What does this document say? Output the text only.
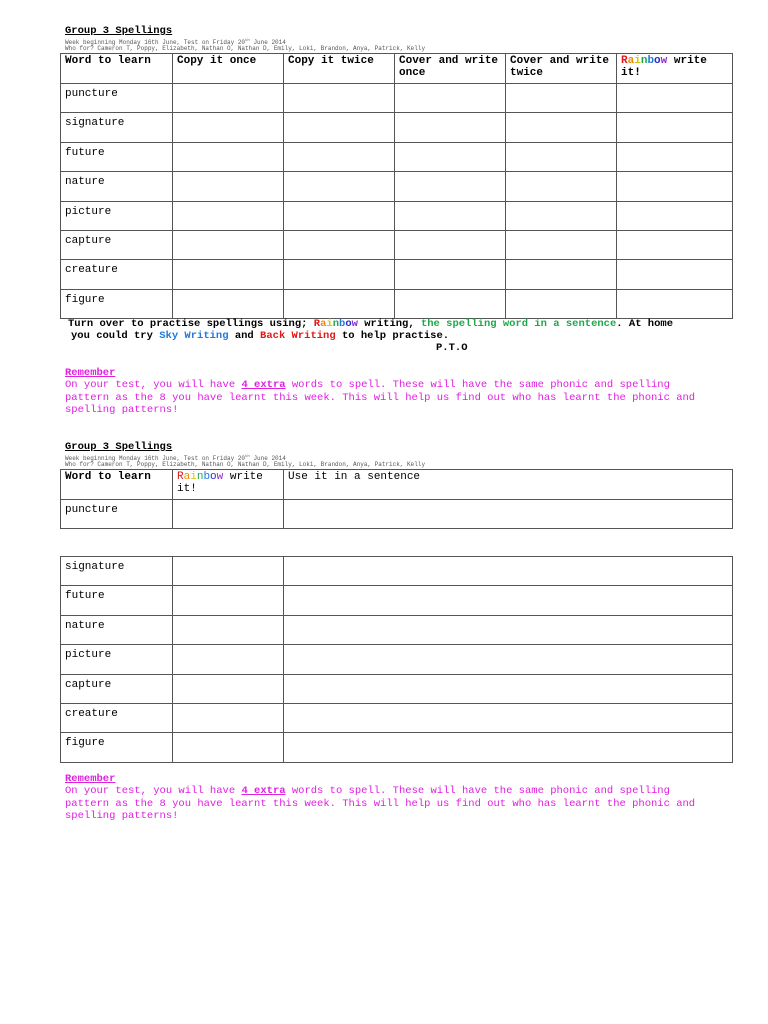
Group 3 Spellings
Week beginning Monday 16th June, Test on Friday 20th June 2014
Who for? Cameron T, Poppy, Elizabeth, Nathan O, Nathan D, Emily, Loki, Brandon, Anya, Patrick, Kelly
Word to learn	Copy it once	Copy it twice	Cover and write once	Cover and write twice	Rainbow write it!
puncture					
signature					
future					
nature					
picture					
capture					
creature					
figure					
Turn over to practise spellings using; Rainbow writing, the spelling word in a sentence. At home
you could try Sky Writing and Back Writing to help practise.
P.T.O
Remember
On your test, you will have 4 extra words to spell. These will have the same phonic and spelling pattern as the 8 you have learnt this week. This will help us find out who has learnt the phonic and spelling patterns!
Group 3 Spellings
Week beginning Monday 16th June, Test on Friday 20th June 2014
Who for? Cameron T, Poppy, Elizabeth, Nathan O, Nathan D, Emily, Loki, Brandon, Anya, Patrick, Kelly
Word to learn	Rainbow write it!	Use it in a sentence
puncture		
signature		
future		
nature		
picture		
capture		
creature		
figure		
Remember
On your test, you will have 4 extra words to spell. These will have the same phonic and spelling pattern as the 8 you have learnt this week. This will help us find out who has learnt the phonic and spelling patterns!
